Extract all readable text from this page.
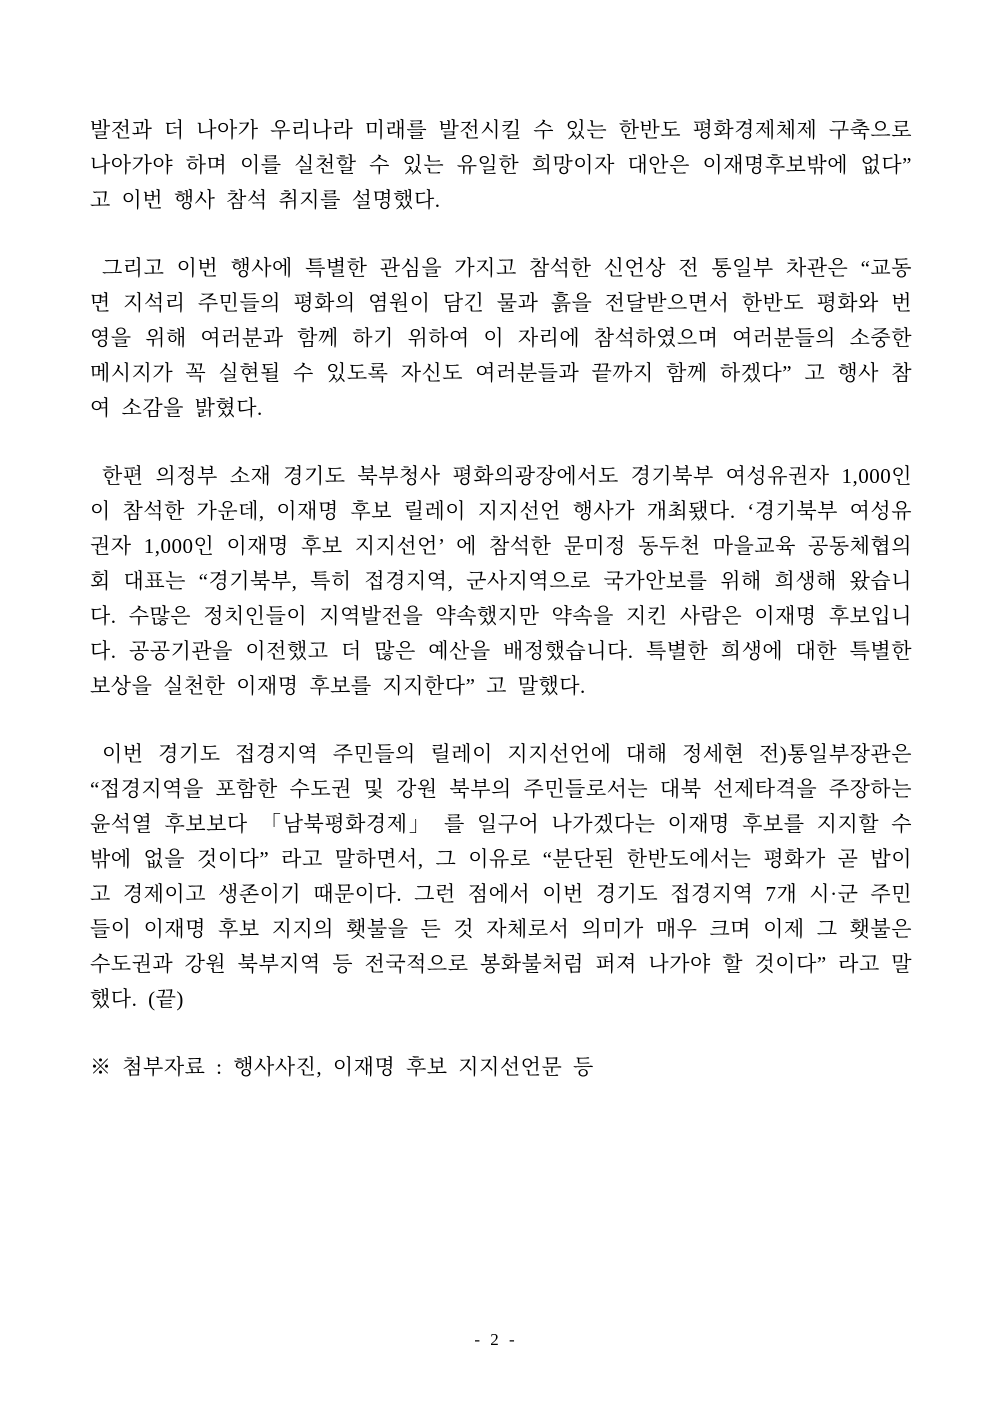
발전과 더 나아가 우리나라 미래를 발전시킬 수 있는 한반도 평화경제체제 구축으로 나아가야 하며 이를 실천할 수 있는 유일한 희망이자 대안은 이재명후보밖에 없다” 고 이번 행사 참석 취지를 설명했다.

그리고 이번 행사에 특별한 관심을 가지고 참석한 신언상 전 통일부 차관은 “교동면 지석리 주민들의 평화의 염원이 담긴 물과 흙을 전달받으면서 한반도 평화와 번영을 위해 여러분과 함께 하기 위하여 이 자리에 참석하였으며 여러분들의 소중한 메시지가 꼭 실현될 수 있도록 자신도 여러분들과 끝까지 함께 하겠다” 고 행사 참여 소감을 밝혔다.

한편 의정부 소재 경기도 북부청사 평화의광장에서도 경기북부 여성유권자 1,000인이 참석한 가운데, 이재명 후보 릴레이 지지선언 행사가 개최됐다. ‘경기북부 여성유권자 1,000인 이재명 후보 지지선언’ 에 참석한 문미정 동두천 마을교육 공동체협의회 대표는 “경기북부, 특히 접경지역, 군사지역으로 국가안보를 위해 희생해 왔습니다. 수많은 정치인들이 지역발전을 약속했지만 약속을 지킨 사람은 이재명 후보입니다. 공공기관을 이전했고 더 많은 예산을 배정했습니다. 특별한 희생에 대한 특별한 보상을 실천한 이재명 후보를 지지한다” 고 말했다.

이번 경기도 접경지역 주민들의 릴레이 지지선언에 대해 정세현 전)통일부장관은 “접경지역을 포함한 수도권 및 강원 북부의 주민들로서는 대북 선제타격을 주장하는 윤석열 후보보다 「남북평화경제」 를 일구어 나가겠다는 이재명 후보를 지지할 수밖에 없을 것이다” 라고 말하면서, 그 이유로 “분단된 한반도에서는 평화가 곧 밥이고 경제이고 생존이기 때문이다. 그런 점에서 이번 경기도 접경지역 7개 시·군 주민들이 이재명 후보 지지의 횃불을 든 것 자체로서 의미가 매우 크며 이제 그 횃불은 수도권과 강원 북부지역 등 전국적으로 봉화불처럼 퍼져 나가야 할 것이다” 라고 말했다. (끝)

※ 첨부자료 : 행사사진, 이재명 후보 지지선언문 등
- 2 -
